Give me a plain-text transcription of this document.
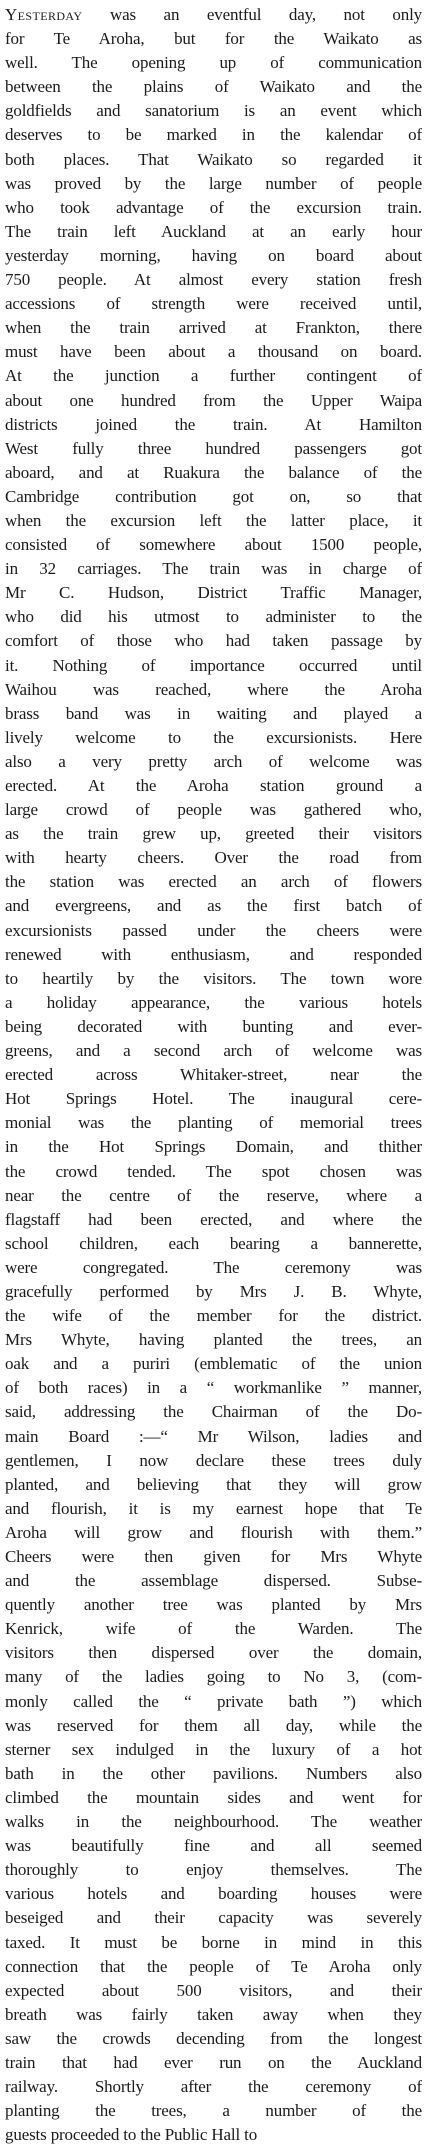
Yesterday was an eventful day, not only
for Te Aroha, but for the Waikato as
well. The opening up of communication
between the plains of Waikato and the
goldfields and sanatorium is an event which
deserves to be marked in the kalendar of
both places. That Waikato so regarded it
was proved by the large number of people
who took advantage of the excursion train.
The train left Auckland at an early hour
yesterday morning, having on board about
750 people. At almost every station fresh
accessions of strength were received until,
when the train arrived at Frankton, there
must have been about a thousand on board.
At the junction a further contingent of
about one hundred from the Upper Waipa
districts joined the train. At Hamilton
West fully three hundred passengers got
aboard, and at Ruakura the balance of the
Cambridge contribution got on, so that
when the excursion left the latter place, it
consisted of somewhere about 1500 people,
in 32 carriages. The train was in charge of
Mr C. Hudson, District Traffic Manager,
who did his utmost to administer to the
comfort of those who had taken passage by
it. Nothing of importance occurred until
Waihou was reached, where the Aroha
brass band was in waiting and played a
lively welcome to the excursionists. Here
also a very pretty arch of welcome was
erected. At the Aroha station ground a
large crowd of people was gathered who,
as the train grew up, greeted their visitors
with hearty cheers. Over the road from
the station was erected an arch of flowers
and evergreens, and as the first batch of
excursionists passed under the cheers were
renewed with enthusiasm, and responded
to heartily by the visitors. The town wore
a holiday appearance, the various hotels
being decorated with bunting and ever-
greens, and a second arch of welcome was
erected across Whitaker-street, near the
Hot Springs Hotel. The inaugural cere-
monial was the planting of memorial trees
in the Hot Springs Domain, and thither
the crowd tended. The spot chosen was
near the centre of the reserve, where a
flagstaff had been erected, and where the
school children, each bearing a bannerette,
were congregated. The ceremony was
gracefully performed by Mrs J. B. Whyte,
the wife of the member for the district.
Mrs Whyte, having planted the trees, an
oak and a puriri (emblematic of the union
of both races) in a “ workmanlike ” manner,
said, addressing the Chairman of the Do-
main Board :—“ Mr Wilson, ladies and
gentlemen, I now declare these trees duly
planted, and believing that they will grow
and flourish, it is my earnest hope that Te
Aroha will grow and flourish with them.”
Cheers were then given for Mrs Whyte
and the assemblage dispersed. Subse-
quently another tree was planted by Mrs
Kenrick, wife of the Warden. The
visitors then dispersed over the domain,
many of the ladies going to No 3, (com-
monly called the “ private bath ”) which
was reserved for them all day, while the
sterner sex indulged in the luxury of a hot
bath in the other pavilions. Numbers also
climbed the mountain sides and went for
walks in the neighbourhood. The weather
was beautifully fine and all seemed
thoroughly to enjoy themselves. The
various hotels and boarding houses were
beseiged and their capacity was severely
taxed. It must be borne in mind in this
connection that the people of Te Aroha only
expected about 500 visitors, and their
breath was fairly taken away when they
saw the crowds decending from the longest
train that had ever run on the Auckland
railway. Shortly after the ceremony of
planting the trees, a number of the
guests proceeded to the Public Hall to
